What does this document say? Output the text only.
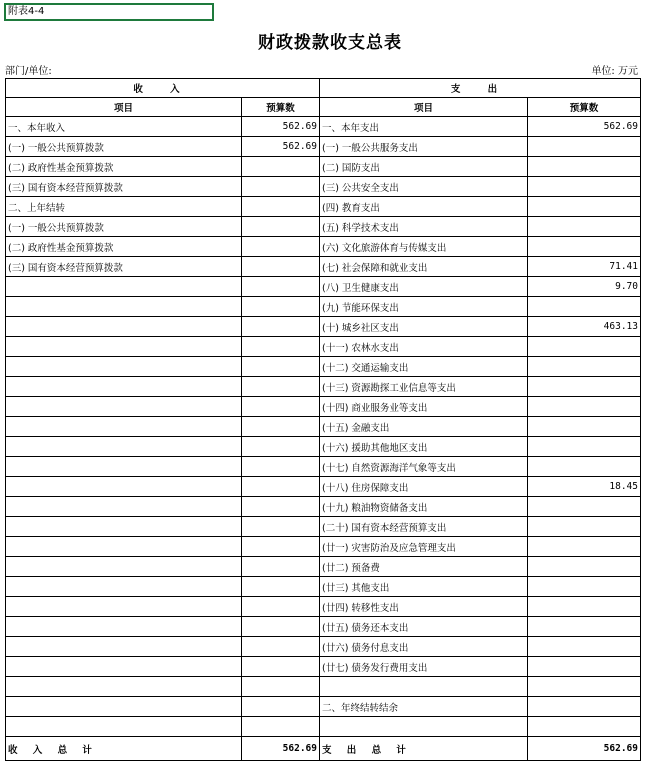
附表4-4
财政拨款收支总表
部门/单位:	单位: 万元
收 入		支 出	
项目	预算数	项目	预算数
一、本年收入	562.69	一、本年支出	562.69
(一) 一般公共预算拨款	562.69	(一) 一般公共服务支出	
(二) 政府性基金预算拨款		(二) 国防支出	
(三) 国有资本经营预算拨款		(三) 公共安全支出	
二、上年结转		(四) 教育支出	
(一) 一般公共预算拨款		(五) 科学技术支出	
(二) 政府性基金预算拨款		(六) 文化旅游体育与传媒支出	
(三) 国有资本经营预算拨款		(七) 社会保障和就业支出	71.41
		(八) 卫生健康支出	9.70
		(九) 节能环保支出	
		(十) 城乡社区支出	463.13
		(十一) 农林水支出	
		(十二) 交通运输支出	
		(十三) 资源勘探工业信息等支出	
		(十四) 商业服务业等支出	
		(十五) 金融支出	
		(十六) 援助其他地区支出	
		(十七) 自然资源海洋气象等支出	
		(十八) 住房保障支出	18.45
		(十九) 粮油物资储备支出	
		(二十) 国有资本经营预算支出	
		(廿一) 灾害防治及应急管理支出	
		(廿二) 预备费	
		(廿三) 其他支出	
		(廿四) 转移性支出	
		(廿五) 债务还本支出	
		(廿六) 债务付息支出	
		(廿七) 债务发行费用支出	

		二、年终结转结余	

收 入 总 计	562.69	支 出 总 计	562.69
